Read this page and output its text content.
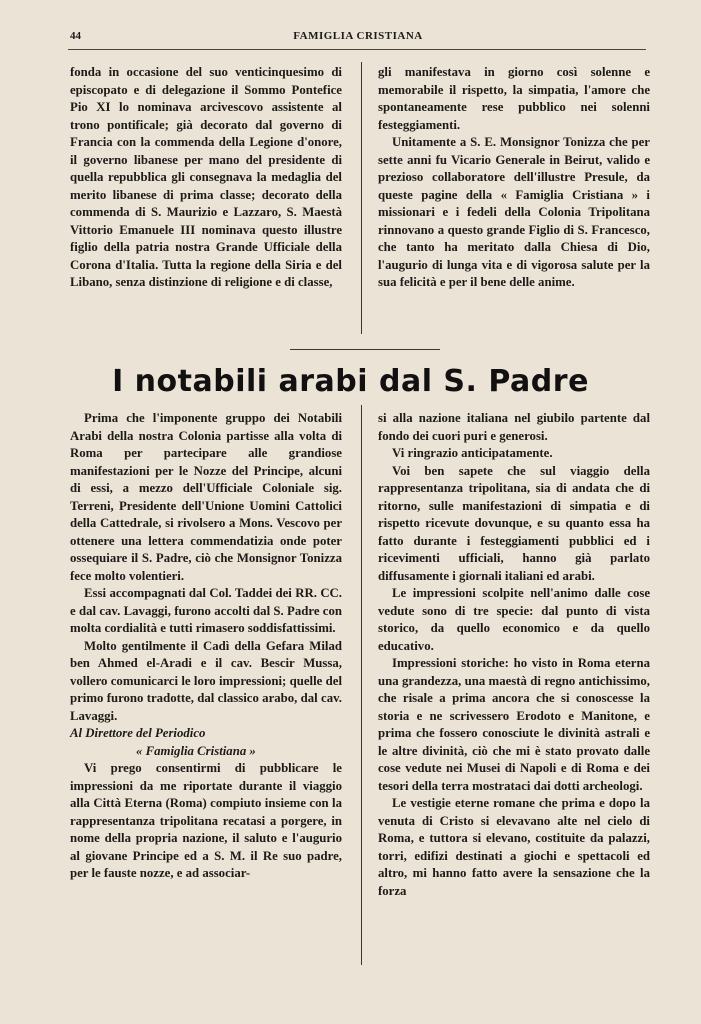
44	FAMIGLIA CRISTIANA

fonda in occasione del suo venticinquesimo di episcopato e di delegazione il Sommo Pontefice Pio XI lo nominava arcivescovo assistente al trono pontificale; già decorato dal governo di Francia con la commenda della Legione d'onore, il governo libanese per mano del presidente di quella repubblica gli consegnava la medaglia del merito libanese di prima classe; decorato della commenda di S. Maurizio e Lazzaro, S. Maestà Vittorio Emanuele III nominava questo illustre figlio della patria nostra Grande Ufficiale della Corona d'Italia. Tutta la regione della Siria e del Libano, senza distinzione di religione e di classe,

gli manifestava in giorno così solenne e memorabile il rispetto, la simpatia, l'amore che spontaneamente rese pubblico nei solenni festeggiamenti.

Unitamente a S. E. Monsignor Tonizza che per sette anni fu Vicario Generale in Beirut, valido e prezioso collaboratore dell'illustre Presule, da queste pagine della « Famiglia Cristiana » i missionari e i fedeli della Colonia Tripolitana rinnovano a questo grande Figlio di S. Francesco, che tanto ha meritato dalla Chiesa di Dio, l'augurio di lunga vita e di vigorosa salute per la sua felicità e per il bene delle anime.

I notabili arabi dal S. Padre

Prima che l'imponente gruppo dei Notabili Arabi della nostra Colonia partisse alla volta di Roma per partecipare alle grandiose manifestazioni per le Nozze del Principe, alcuni di essi, a mezzo dell'Ufficiale Coloniale sig. Terreni, Presidente dell'Unione Uomini Cattolici della Cattedrale, si rivolsero a Mons. Vescovo per ottenere una lettera commendatizia onde poter ossequiare il S. Padre, ciò che Monsignor Tonizza fece molto volentieri.

Essi accompagnati dal Col. Taddei dei RR. CC. e dal cav. Lavaggi, furono accolti dal S. Padre con molta cordialità e tutti rimasero soddisfattissimi.

Molto gentilmente il Cadì della Gefara Milad ben Ahmed el-Aradi e il cav. Bescir Mussa, vollero comunicarci le loro impressioni; quelle del primo furono tradotte, dal classico arabo, dal cav. Lavaggi.

Al Direttore del Periodico

« Famiglia Cristiana »

Vi prego consentirmi di pubblicare le impressioni da me riportate durante il viaggio alla Città Eterna (Roma) compiuto insieme con la rappresentanza tripolitana recatasi a porgere, in nome della propria nazione, il saluto e l'augurio al giovane Principe ed a S. M. il Re suo padre, per le fauste nozze, e ad associar-

si alla nazione italiana nel giubilo partente dal fondo dei cuori puri e generosi.

Vi ringrazio anticipatamente.

Voi ben sapete che sul viaggio della rappresentanza tripolitana, sia di andata che di ritorno, sulle manifestazioni di simpatia e di rispetto ricevute dovunque, e su quanto essa ha fatto durante i festeggiamenti pubblici ed i ricevimenti ufficiali, hanno già parlato diffusamente i giornali italiani ed arabi.

Le impressioni scolpite nell'animo dalle cose vedute sono di tre specie: dal punto di vista storico, da quello economico e da quello educativo.

Impressioni storiche: ho visto in Roma eterna una grandezza, una maestà di regno antichissimo, che risale a prima ancora che si conoscesse la storia e ne scrivessero Erodoto e Manitone, e prima che fossero conosciute le divinità astrali e le altre divinità, ciò che mi è stato provato dalle cose vedute nei Musei di Napoli e di Roma e dei tesori della terra mostrataci dai dotti archeologi.

Le vestigie eterne romane che prima e dopo la venuta di Cristo si elevavano alte nel cielo di Roma, e tuttora si elevano, costituite da palazzi, torri, edifizi destinati a giochi e spettacoli ed altro, mi hanno fatto avere la sensazione che la forza
